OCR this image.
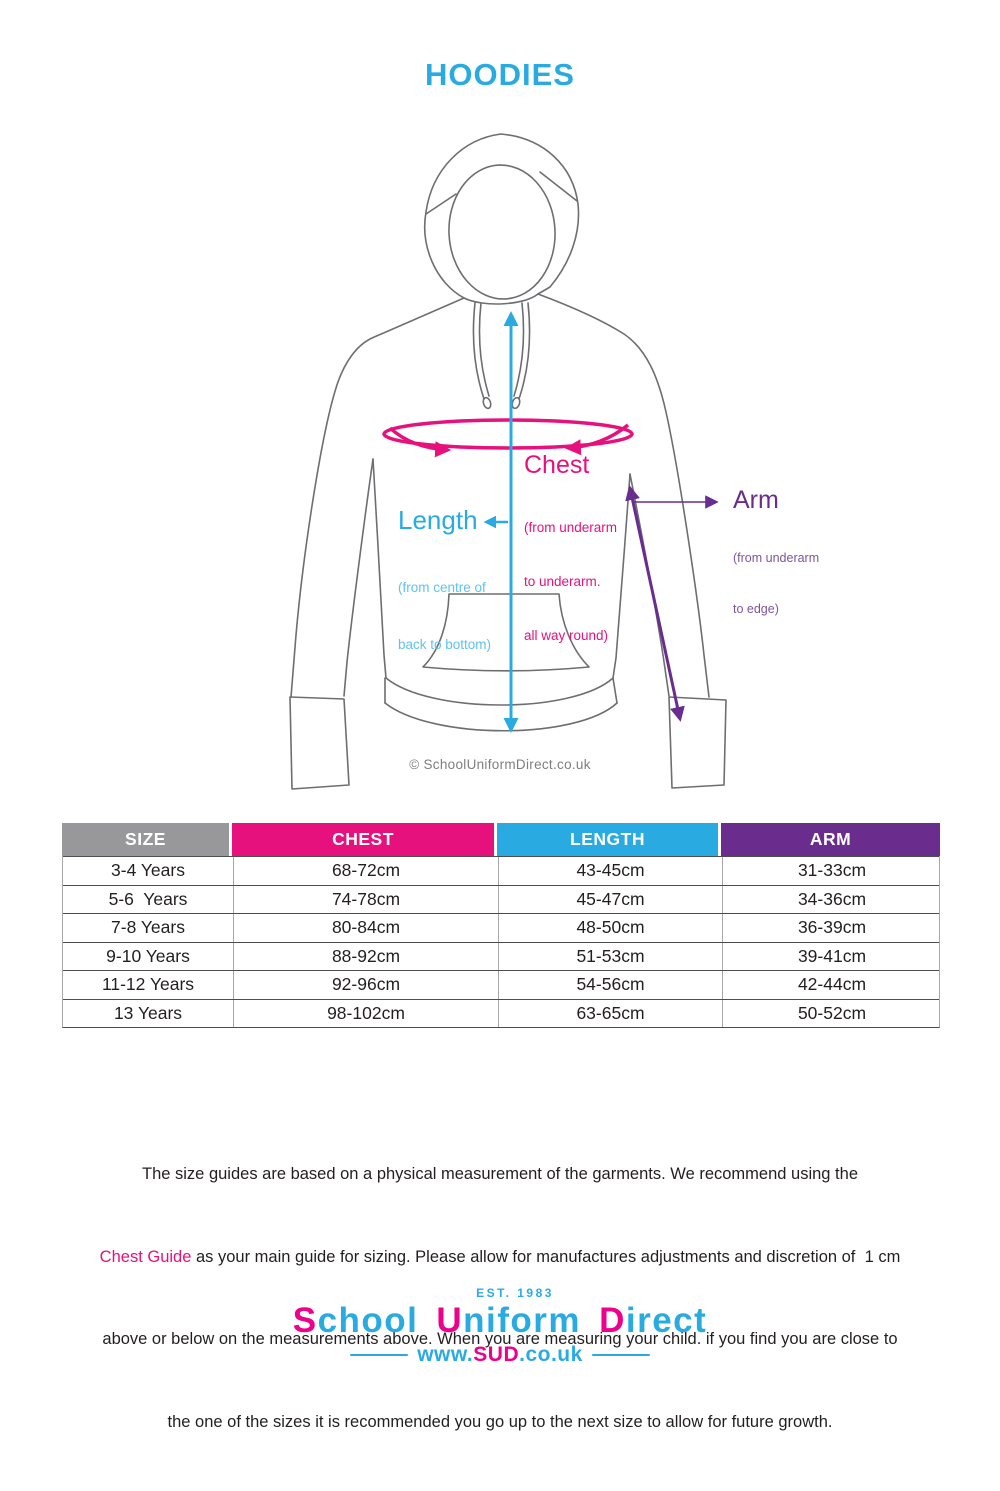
HOODIES
Chest

(from underarm

to underarm.

all way round)

Length

(from centre of

back to bottom)

Arm

(from underarm

to edge)

© SchoolUniformDirect.co.uk
SIZE	CHEST	LENGTH	ARM
3-4 Years	68-72cm	43-45cm	31-33cm
5-6  Years	74-78cm	45-47cm	34-36cm
7-8 Years	80-84cm	48-50cm	36-39cm
9-10 Years	88-92cm	51-53cm	39-41cm
11-12 Years	92-96cm	54-56cm	42-44cm
13 Years	98-102cm	63-65cm	50-52cm

The size guides are based on a physical measurement of the garments. We recommend using the

Chest Guide as your main guide for sizing. Please allow for manufactures adjustments and discretion of  1 cm

above or below on the measurements above. When you are measuring your child. if you find you are close to

the one of the sizes it is recommended you go up to the next size to allow for future growth.

EST. 1983
School Uniform Direct
www.SUD.co.uk
